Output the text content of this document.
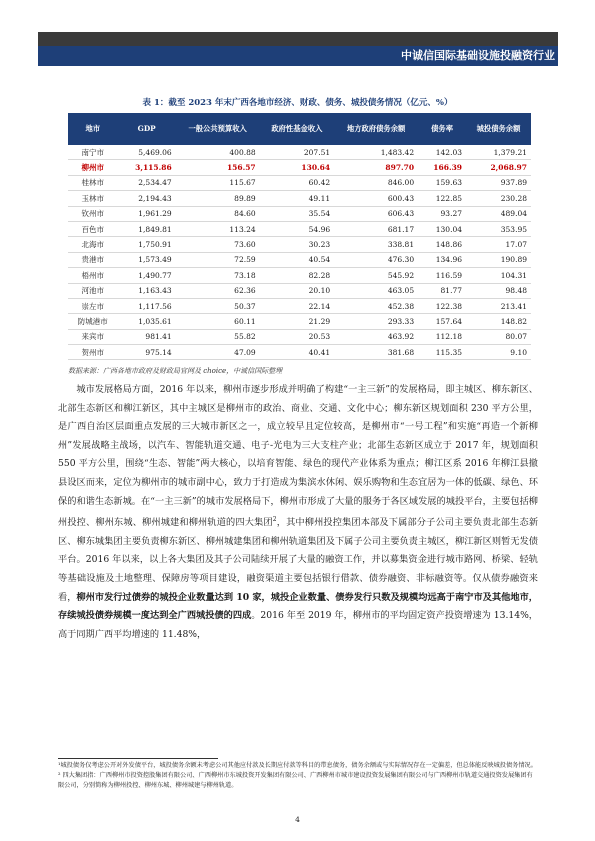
中诚信国际基础设施投融资行业
表 1：截至 2023 年末广西各地市经济、财政、债务、城投债务情况（亿元、%）
地市	GDP	一般公共预算收入	政府性基金收入	地方政府债务余额	债务率	城投债务余额
南宁市	5,469.06	400.88	207.51	1,483.42	142.03	1,379.21
柳州市	3,115.86	156.57	130.64	897.70	166.39	2,068.97
桂林市	2,534.47	115.67	60.42	846.00	159.63	937.89
玉林市	2,194.43	89.89	49.11	600.43	122.85	230.28
钦州市	1,961.29	84.60	35.54	606.43	93.27	489.04
百色市	1,849.81	113.24	54.96	681.17	130.04	353.95
北海市	1,750.91	73.60	30.23	338.81	148.86	17.07
贵港市	1,573.49	72.59	40.54	476.30	134.96	190.89
梧州市	1,490.77	73.18	82.28	545.92	116.59	104.31
河池市	1,163.43	62.36	20.10	463.05	81.77	98.48
崇左市	1,117.56	50.37	22.14	452.38	122.38	213.41
防城港市	1,035.61	60.11	21.29	293.33	157.64	148.82
来宾市	981.41	55.82	20.53	463.92	112.18	80.07
贺州市	975.14	47.09	40.41	381.68	115.35	9.10
数据来源：广西各地市政府及财政局官网及 choice，中诚信国际整理

城市发展格局方面，2016 年以来，柳州市逐步形成并明确了构建“一主三新”的发展格局，即主城区、柳东新区、北部生态新区和柳江新区，其中主城区是柳州市的政治、商业、交通、文化中心；柳东新区规划面积 230 平方公里，是广西自治区层面重点发展的三大城市新区之一，成立较早且定位较高，是柳州市“一号工程”和实施“再造一个新柳州”发展战略主战场，以汽车、智能轨道交通、电子-光电为三大支柱产业；北部生态新区成立于 2017 年，规划面积 550 平方公里，围绕“生态、智能”两大核心，以培育智能、绿色的现代产业体系为重点；柳江区系 2016 年柳江县撤县设区而来，定位为柳州市的城市副中心，致力于打造成为集滨水休闲、娱乐购物和生态宜居为一体的低碳、绿色、环保的和谐生态新城。在“一主三新”的城市发展格局下，柳州市形成了大量的服务于各区域发展的城投平台，主要包括柳州投控、柳州东城、柳州城建和柳州轨道的四大集团$^2$，其中柳州投控集团本部及下属部分子公司主要负责北部生态新区、柳东城集团主要负责柳东新区、柳州城建集团和柳州轨道集团及下属子公司主要负责主城区，柳江新区则暂无发债平台。2016 年以来，以上各大集团及其子公司陆续开展了大量的融资工作，并以募集资金进行城市路网、桥梁、轻轨等基础设施及土地整理、保障房等项目建设，融资渠道主要包括银行借款、债券融资、非标融资等。仅从债券融资来看，柳州市发行过债券的城投企业数量达到 10 家，城投企业数量、债券发行只数及规模均远高于南宁市及其他地市，存续城投债券规模一度达到全广西城投债的四成。2016 年至 2019 年，柳州市的平均固定资产投资增速为 13.14%，高于同期广西平均增速的 11.48%，

¹城投债务仅考虑公开对外发债平台，城投债务余额未考虑公司其他应付款及长期应付款等科目的带息债务，债务余额或与实际情况存在一定偏差，但总体能反映城投债务情况。

² 四大集团指：广西柳州市投资控股集团有限公司、广西柳州市东城投资开发集团有限公司、广西柳州市城市建设投资发展集团有限公司与广西柳州市轨道交通投资发展集团有限公司，分别简称为柳州投控、柳州东城、柳州城建与柳州轨道。

4
